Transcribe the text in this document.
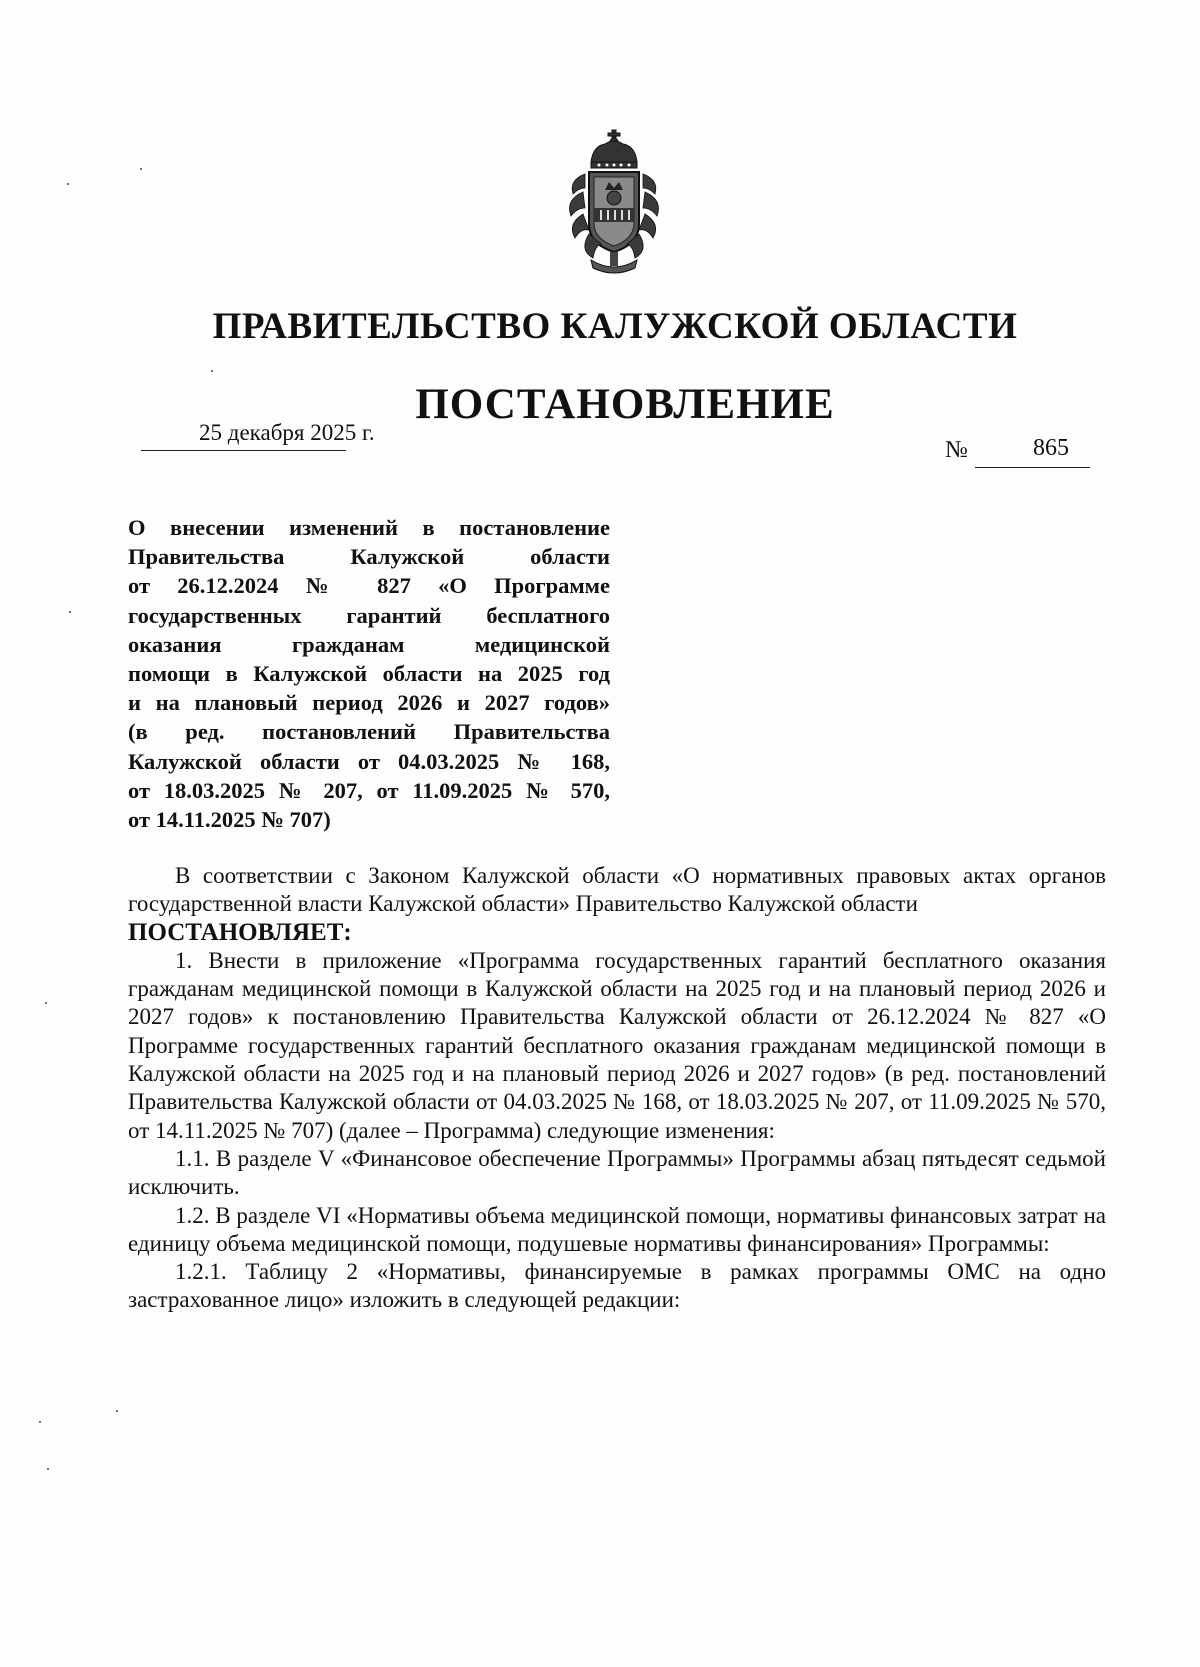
ПРАВИТЕЛЬСТВО КАЛУЖСКОЙ ОБЛАСТИ
ПОСТАНОВЛЕНИЕ
25 декабря 2025 г.
№	865

О внесении изменений в постановление

Правительства Калужской области

от 26.12.2024 № 827 «О Программе

государственных гарантий бесплатного

оказания гражданам медицинской

помощи в Калужской области на 2025 год

и на плановый период 2026 и 2027 годов»

(в ред. постановлений Правительства

Калужской области от 04.03.2025 № 168,

от 18.03.2025 № 207, от 11.09.2025 № 570,

от 14.11.2025 № 707)

В соответствии с Законом Калужской области «О нормативных правовых актах органов государственной власти Калужской области» Правительство Калужской области

ПОСТАНОВЛЯЕТ:

1. Внести в приложение «Программа государственных гарантий бесплатного оказания гражданам медицинской помощи в Калужской области на 2025 год и на плановый период 2026 и 2027 годов» к постановлению Правительства Калужской области от 26.12.2024 № 827 «О Программе государственных гарантий бесплатного оказания гражданам медицинской помощи в Калужской области на 2025 год и на плановый период 2026 и 2027 годов» (в ред. постановлений Правительства Калужской области от 04.03.2025 № 168, от 18.03.2025 № 207, от 11.09.2025 № 570, от 14.11.2025 № 707) (далее – Программа) следующие изменения:

1.1. В разделе V «Финансовое обеспечение Программы» Программы абзац пятьдесят седьмой исключить.

1.2. В разделе VI «Нормативы объема медицинской помощи, нормативы финансовых затрат на единицу объема медицинской помощи, подушевые нормативы финансирования» Программы:

1.2.1. Таблицу 2 «Нормативы, финансируемые в рамках программы ОМС на одно застрахованное лицо» изложить в следующей редакции:
